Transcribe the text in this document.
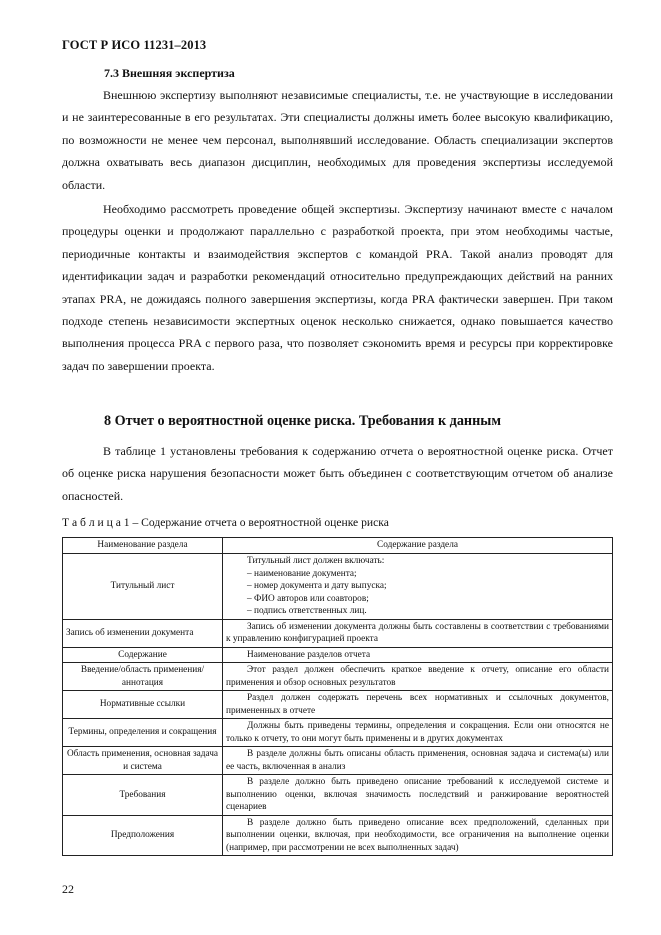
ГОСТ Р ИСО 11231–2013
7.3 Внешняя экспертиза

Внешнюю экспертизу выполняют независимые специалисты, т.е. не участвующие в исследовании и не заинтересованные в его результатах. Эти специалисты должны иметь более высокую квалификацию, по возможности не менее чем персонал, выполнявший исследование. Область специализации экспертов должна охватывать весь диапазон дисциплин, необходимых для проведения экспертизы исследуемой области.

Необходимо рассмотреть проведение общей экспертизы. Экспертизу начинают вместе с началом процедуры оценки и продолжают параллельно с разработкой проекта, при этом необходимы частые, периодичные контакты и взаимодействия экспертов с командой PRA. Такой анализ проводят для идентификации задач и разработки рекомендаций относительно предупреждающих действий на ранних этапах PRA, не дожидаясь полного завершения экспертизы, когда PRA фактически завершен. При таком подходе степень независимости экспертных оценок несколько снижается, однако повышается качество выполнения процесса PRA с первого раза, что позволяет сэкономить время и ресурсы при корректировке задач по завершении проекта.

8 Отчет о вероятностной оценке риска. Требования к данным

В таблице 1 установлены требования к содержанию отчета о вероятностной оценке риска. Отчет об оценке риска нарушения безопасности может быть объединен с соответствующим отчетом об анализе опасностей.

Т а б л и ц а 1 – Содержание отчета о вероятностной оценке риска
Наименование раздела	Содержание раздела
Титульный лист	Титульный лист должен включать:
– наименование документа;
– номер документа и дату выпуска;
– ФИО авторов или соавторов;
– подпись ответственных лиц.

Запись об изменении документа	Запись об изменении документа должны быть составлены в соответствии с требованиями к управлению конфигурацией проекта
Содержание	Наименование разделов отчета
Введение/область применения/аннотация	Этот раздел должен обеспечить краткое введение к отчету, описание его области применения и обзор основных результатов
Нормативные ссылки	Раздел должен содержать перечень всех нормативных и ссылочных документов, примененных в отчете
Термины, определения и сокращения	Должны быть приведены термины, определения и сокращения. Если они относятся не только к отчету, то они могут быть применены и в других документах
Область применения, основная задача и система	В разделе должны быть описаны область применения, основная задача и система(ы) или ее часть, включенная в анализ
Требования	В разделе должно быть приведено описание требований к исследуемой системе и выполнению оценки, включая значимость последствий и ранжирование вероятностей сценариев
Предположения	В разделе должно быть приведено описание всех предположений, сделанных при выполнении оценки, включая, при необходимости, все ограничения на выполнение оценки (например, при рассмотрении не всех выполненных задач)
22
